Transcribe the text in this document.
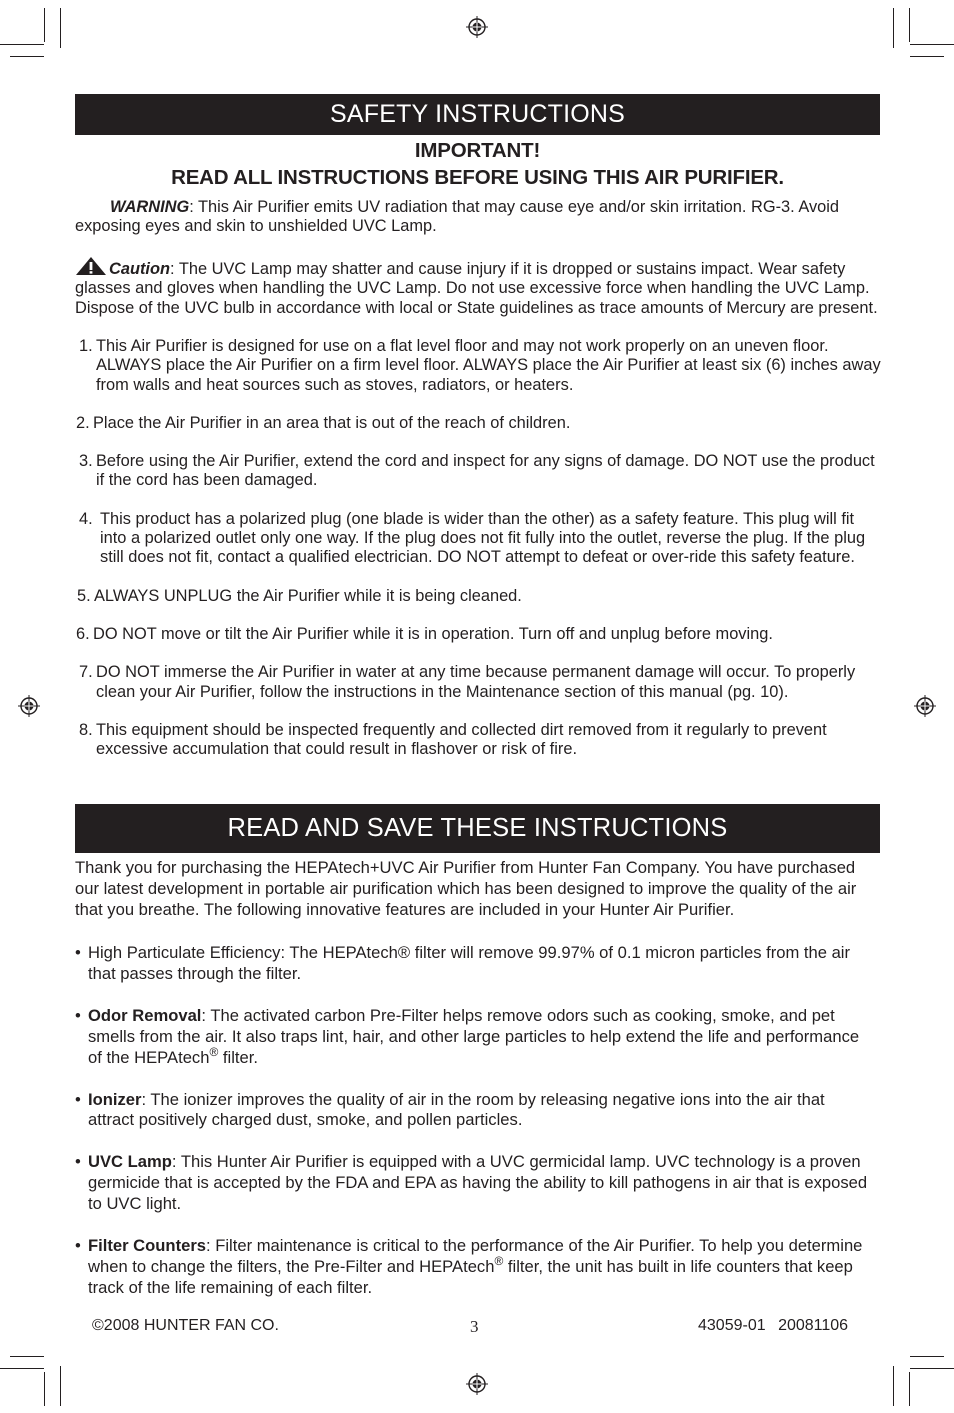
SAFETY INSTRUCTIONS
IMPORTANT!
READ ALL INSTRUCTIONS BEFORE USING THIS AIR PURIFIER.
WARNING: This Air Purifier emits UV radiation that may cause eye and/or skin irritation. RG-3. Avoid exposing eyes and skin to unshielded UVC Lamp.
Caution: The UVC Lamp may shatter and cause injury if it is dropped or sustains impact. Wear safety glasses and gloves when handling the UVC Lamp. Do not use excessive force when handling the UVC Lamp. Dispose of the UVC bulb in accordance with local or State guidelines as trace amounts of Mercury are present.
1. This Air Purifier is designed for use on a flat level floor and may not work properly on an uneven floor. ALWAYS place the Air Purifier on a firm level floor. ALWAYS place the Air Purifier at least six (6) inches away from walls and heat sources such as stoves, radiators, or heaters.
2. Place the Air Purifier in an area that is out of the reach of children.
3. Before using the Air Purifier, extend the cord and inspect for any signs of damage. DO NOT use the product if the cord has been damaged.
4. This product has a polarized plug (one blade is wider than the other) as a safety feature. This plug will fit into a polarized outlet only one way. If the plug does not fit fully into the outlet, reverse the plug. If the plug still does not fit, contact a qualified electrician. DO NOT attempt to defeat or over-ride this safety feature.
5. ALWAYS UNPLUG the Air Purifier while it is being cleaned.
6. DO NOT move or tilt the Air Purifier while it is in operation. Turn off and unplug before moving.
7. DO NOT immerse the Air Purifier in water at any time because permanent damage will occur. To properly clean your Air Purifier, follow the instructions in the Maintenance section of this manual (pg. 10).
8. This equipment should be inspected frequently and collected dirt removed from it regularly to prevent excessive accumulation that could result in flashover or risk of fire.
READ AND SAVE THESE INSTRUCTIONS
Thank you for purchasing the HEPAtech+UVC Air Purifier from Hunter Fan Company. You have purchased our latest development in portable air purification which has been designed to improve the quality of the air that you breathe. The following innovative features are included in your Hunter Air Purifier.
• High Particulate Efficiency: The HEPAtech® filter will remove 99.97% of 0.1 micron particles from the air that passes through the filter.
• Odor Removal: The activated carbon Pre-Filter helps remove odors such as cooking, smoke, and pet smells from the air. It also traps lint, hair, and other large particles to help extend the life and performance of the HEPAtech® filter.
• Ionizer: The ionizer improves the quality of air in the room by releasing negative ions into the air that attract positively charged dust, smoke, and pollen particles.
• UVC Lamp: This Hunter Air Purifier is equipped with a UVC germicidal lamp. UVC technology is a proven germicide that is accepted by the FDA and EPA as having the ability to kill pathogens in air that is exposed to UVC light.
• Filter Counters: Filter maintenance is critical to the performance of the Air Purifier. To help you determine when to change the filters, the Pre-Filter and HEPAtech® filter, the unit has built in life counters that keep track of the life remaining of each filter.
©2008 HUNTER FAN CO.	3	43059-01 20081106
